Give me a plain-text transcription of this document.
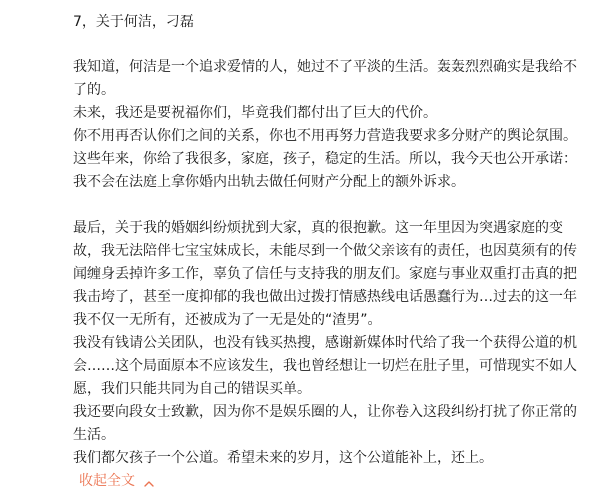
7，关于何洁，刁磊

我知道，何洁是一个追求爱情的人，她过不了平淡的生活。轰轰烈烈确实是我给不了的。

未来，我还是要祝福你们，毕竟我们都付出了巨大的代价。

你不用再否认你们之间的关系，你也不用再努力营造我要求多分财产的舆论氛围。这些年来，你给了我很多，家庭，孩子，稳定的生活。所以，我今天也公开承诺：我不会在法庭上拿你婚内出轨去做任何财产分配上的额外诉求。

最后，关于我的婚姻纠纷烦扰到大家，真的很抱歉。这一年里因为突遇家庭的变故，我无法陪伴七宝宝妹成长，未能尽到一个做父亲该有的责任，也因莫须有的传闻缠身丢掉许多工作，辜负了信任与支持我的朋友们。家庭与事业双重打击真的把我击垮了，甚至一度抑郁的我也做出过拨打情感热线电话愚蠢行为…过去的这一年我不仅一无所有，还被成为了一无是处的“渣男”。

我没有钱请公关团队，也没有钱买热搜，感谢新媒体时代给了我一个获得公道的机会……这个局面原本不应该发生，我也曾经想让一切烂在肚子里，可惜现实不如人愿，我们只能共同为自己的错误买单。

我还要向段女士致歉，因为你不是娱乐圈的人，让你卷入这段纠纷打扰了你正常的生活。

我们都欠孩子一个公道。希望未来的岁月，这个公道能补上，还上。

收起全文
